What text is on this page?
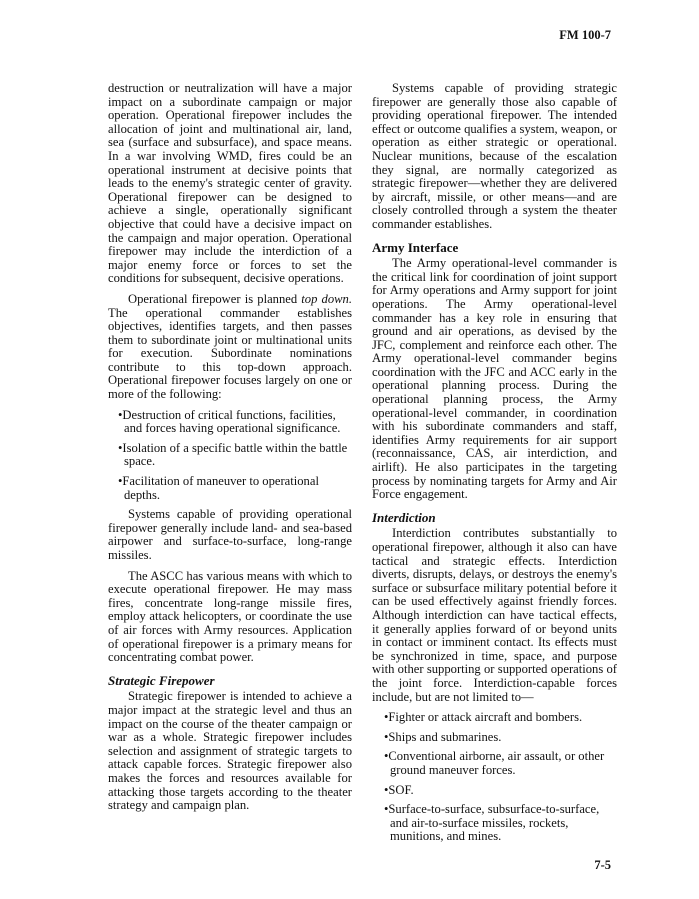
FM 100-7

destruction or neutralization will have a major impact on a subordinate campaign or major operation. Operational firepower includes the allocation of joint and multinational air, land, sea (surface and subsurface), and space means. In a war involving WMD, fires could be an operational instrument at decisive points that leads to the enemy's strategic center of gravity. Operational firepower can be designed to achieve a single, operationally significant objective that could have a decisive impact on the campaign and major operation. Operational firepower may include the interdiction of a major enemy force or forces to set the conditions for subsequent, decisive operations.

Operational firepower is planned top down. The operational commander establishes objectives, identifies targets, and then passes them to subordinate joint or multinational units for execution. Subordinate nominations contribute to this top-down approach. Operational firepower focuses largely on one or more of the following:

•Destruction of critical functions, facilities, and forces having operational significance.
•Isolation of a specific battle within the battle space.
•Facilitation of maneuver to operational depths.

Systems capable of providing operational firepower generally include land- and sea-based airpower and surface-to-surface, long-range missiles.

The ASCC has various means with which to execute operational firepower. He may mass fires, concentrate long-range missile fires, employ attack helicopters, or coordinate the use of air forces with Army resources. Application of operational firepower is a primary means for concentrating combat power.

Strategic Firepower

Strategic firepower is intended to achieve a major impact at the strategic level and thus an impact on the course of the theater campaign or war as a whole. Strategic firepower includes selection and assignment of strategic targets to attack capable forces. Strategic firepower also makes the forces and resources available for attacking those targets according to the theater strategy and campaign plan.

Systems capable of providing strategic firepower are generally those also capable of providing operational firepower. The intended effect or outcome qualifies a system, weapon, or operation as either strategic or operational. Nuclear munitions, because of the escalation they signal, are normally categorized as strategic firepower—whether they are delivered by aircraft, missile, or other means—and are closely controlled through a system the theater commander establishes.

Army Interface

The Army operational-level commander is the critical link for coordination of joint support for Army operations and Army support for joint operations. The Army operational-level commander has a key role in ensuring that ground and air operations, as devised by the JFC, complement and reinforce each other. The Army operational-level commander begins coordination with the JFC and ACC early in the operational planning process. During the operational planning process, the Army operational-level commander, in coordination with his subordinate commanders and staff, identifies Army requirements for air support (reconnaissance, CAS, air interdiction, and airlift). He also participates in the targeting process by nominating targets for Army and Air Force engagement.

Interdiction

Interdiction contributes substantially to operational firepower, although it also can have tactical and strategic effects. Interdiction diverts, disrupts, delays, or destroys the enemy's surface or subsurface military potential before it can be used effectively against friendly forces. Although interdiction can have tactical effects, it generally applies forward of or beyond units in contact or imminent contact. Its effects must be synchronized in time, space, and purpose with other supporting or supported operations of the joint force. Interdiction-capable forces include, but are not limited to—

•Fighter or attack aircraft and bombers.
•Ships and submarines.
•Conventional airborne, air assault, or other ground maneuver forces.
•SOF.
•Surface-to-surface, subsurface-to-surface, and air-to-surface missiles, rockets, munitions, and mines.
7-5
